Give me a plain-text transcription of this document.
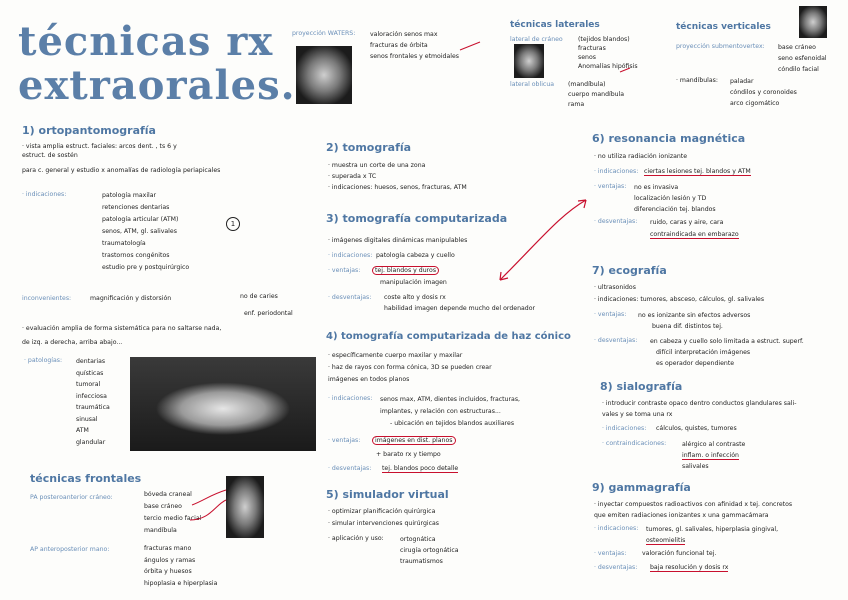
técnicas rx
extraorales.
1) ortopantomografía
· vista amplia estruct. faciales: arcos dent. , ts 6 y
estruct. de sostén
para c. general y estudio x anomalías de radiología periapicales
· indicaciones:	patología maxilar
retenciones dentarias
patología articular (ATM)
senos, ATM, gl. salivales
traumatología
trastornos congénitos
estudio pre y postquirúrgico
1
inconvenientes:	magnificación y distorsión	no de caries
enf. periodontal
· evaluación amplia de forma sistemática para no saltarse nada,
de izq. a derecha, arriba abajo...
· patologías: dentarias
quísticas
tumoral
infecciosa
traumática
sinusal
ATM
glandular
técnicas frontales
PA posteroanterior cráneo:	bóveda craneal
base cráneo
tercio medio facial
mandíbula
AP anteroposterior mano:	fracturas mano
ángulos y ramas
órbita y huesos
hipoplasia e hiperplasia
proyección WATERS: valoración senos max
fracturas de órbita
senos frontales y etmoidales
técnicas laterales
lateral de cráneo (tejidos blandos)
fracturas
senos
Anomalías hipófisis
lateral oblicua (mandíbula)
cuerpo mandíbula
rama
técnicas verticales
proyección submentovertex: base cráneo
seno esfenoidal
cóndilo facial
· mandíbulas: paladar
cóndilos y coronoides
arco cigomático
2) tomografía
· muestra un corte de una zona
· superada x TC
· indicaciones: huesos, senos, fracturas, ATM
3) tomografía computarizada
· imágenes digitales dinámicas manipulables
· indicaciones: patología cabeza y cuello
· ventajas:	tej. blandos y duros
manipulación imagen
· desventajas: coste alto y dosis rx
habilidad imagen depende mucho del ordenador
4) tomografía computarizada de haz cónico
· específicamente cuerpo maxilar y maxilar
· haz de rayos con forma cónica, 3D se pueden crear
imágenes en todos planos
· indicaciones: senos max, ATM, dientes incluidos, fracturas,
implantes, y relación con estructuras...
- ubicación en tejidos blandos auxiliares
· ventajas:	imágenes en dist. planos
+ barato rx y tiempo
· desventajas: tej. blandos poco detalle
5) simulador virtual
· optimizar planificación quirúrgica
· simular intervenciones quirúrgicas
· aplicación y uso:	ortognática
cirugía ortognática
traumatismos
6) resonancia magnética
· no utiliza radiación ionizante
· indicaciones: ciertas lesiones tej. blandos y ATM
· ventajas: no es invasiva
localización lesión y TD
diferenciación tej. blandos
· desventajas: ruido, caras y aire, cara
contraindicada en embarazo
7) ecografía
· ultrasonidos
· indicaciones: tumores, absceso, cálculos, gl. salivales
· ventajas: no es ionizante sin efectos adversos
buena dif. distintos tej.
· desventajas: en cabeza y cuello solo limitada a estruct. superf.
difícil interpretación imágenes
es operador dependiente
8) sialografía
· introducir contraste opaco dentro conductos glandulares sali-
vales y se toma una rx
· indicaciones: cálculos, quistes, tumores
· contraindicaciones:	alérgico al contraste
inflam. o infección
salivales
9) gammagrafía
· inyectar compuestos radioactivos con afinidad x tej. concretos
que emiten radiaciones ionizantes x una gammacámara
· indicaciones: tumores, gl. salivales, hiperplasia gingival,
osteomielitis
· ventajas:	valoración funcional tej.
· desventajas: baja resolución y dosis rx
